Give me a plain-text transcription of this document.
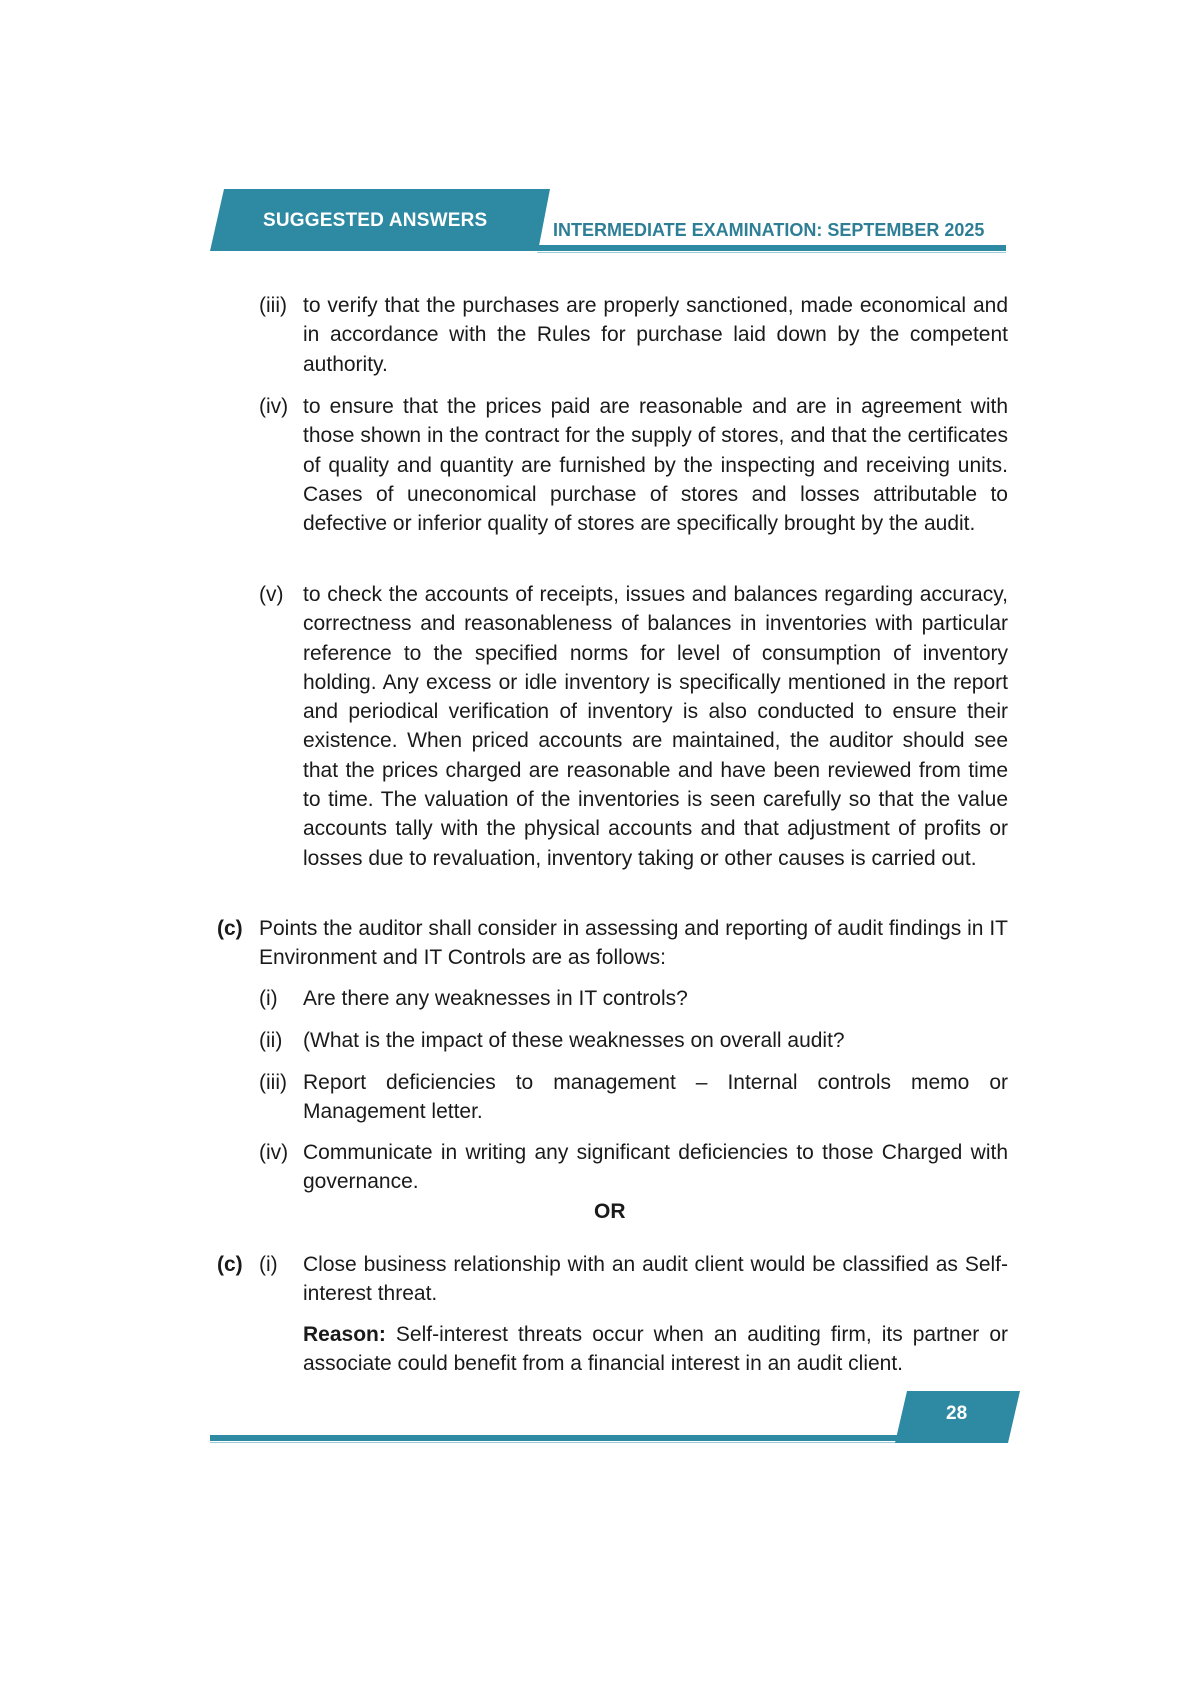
SUGGESTED ANSWERS	INTERMEDIATE EXAMINATION: SEPTEMBER 2025
(iii) to verify that the purchases are properly sanctioned, made economical and in accordance with the Rules for purchase laid down by the competent authority.
(iv) to ensure that the prices paid are reasonable and are in agreement with those shown in the contract for the supply of stores, and that the certificates of quality and quantity are furnished by the inspecting and receiving units. Cases of uneconomical purchase of stores and losses attributable to defective or inferior quality of stores are specifically brought by the audit.
(v) to check the accounts of receipts, issues and balances regarding accuracy, correctness and reasonableness of balances in inventories with particular reference to the specified norms for level of consumption of inventory holding. Any excess or idle inventory is specifically mentioned in the report and periodical verification of inventory is also conducted to ensure their existence. When priced accounts are maintained, the auditor should see that the prices charged are reasonable and have been reviewed from time to time. The valuation of the inventories is seen carefully so that the value accounts tally with the physical accounts and that adjustment of profits or losses due to revaluation, inventory taking or other causes is carried out.
(c) Points the auditor shall consider in assessing and reporting of audit findings in IT Environment and IT Controls are as follows:
(i) Are there any weaknesses in IT controls?
(ii) (What is the impact of these weaknesses on overall audit?
(iii) Report deficiencies to management – Internal controls memo or Management letter.
(iv) Communicate in writing any significant deficiencies to those Charged with governance.
OR
(c) (i) Close business relationship with an audit client would be classified as Self-interest threat.
Reason: Self-interest threats occur when an auditing firm, its partner or associate could benefit from a financial interest in an audit client.
28
